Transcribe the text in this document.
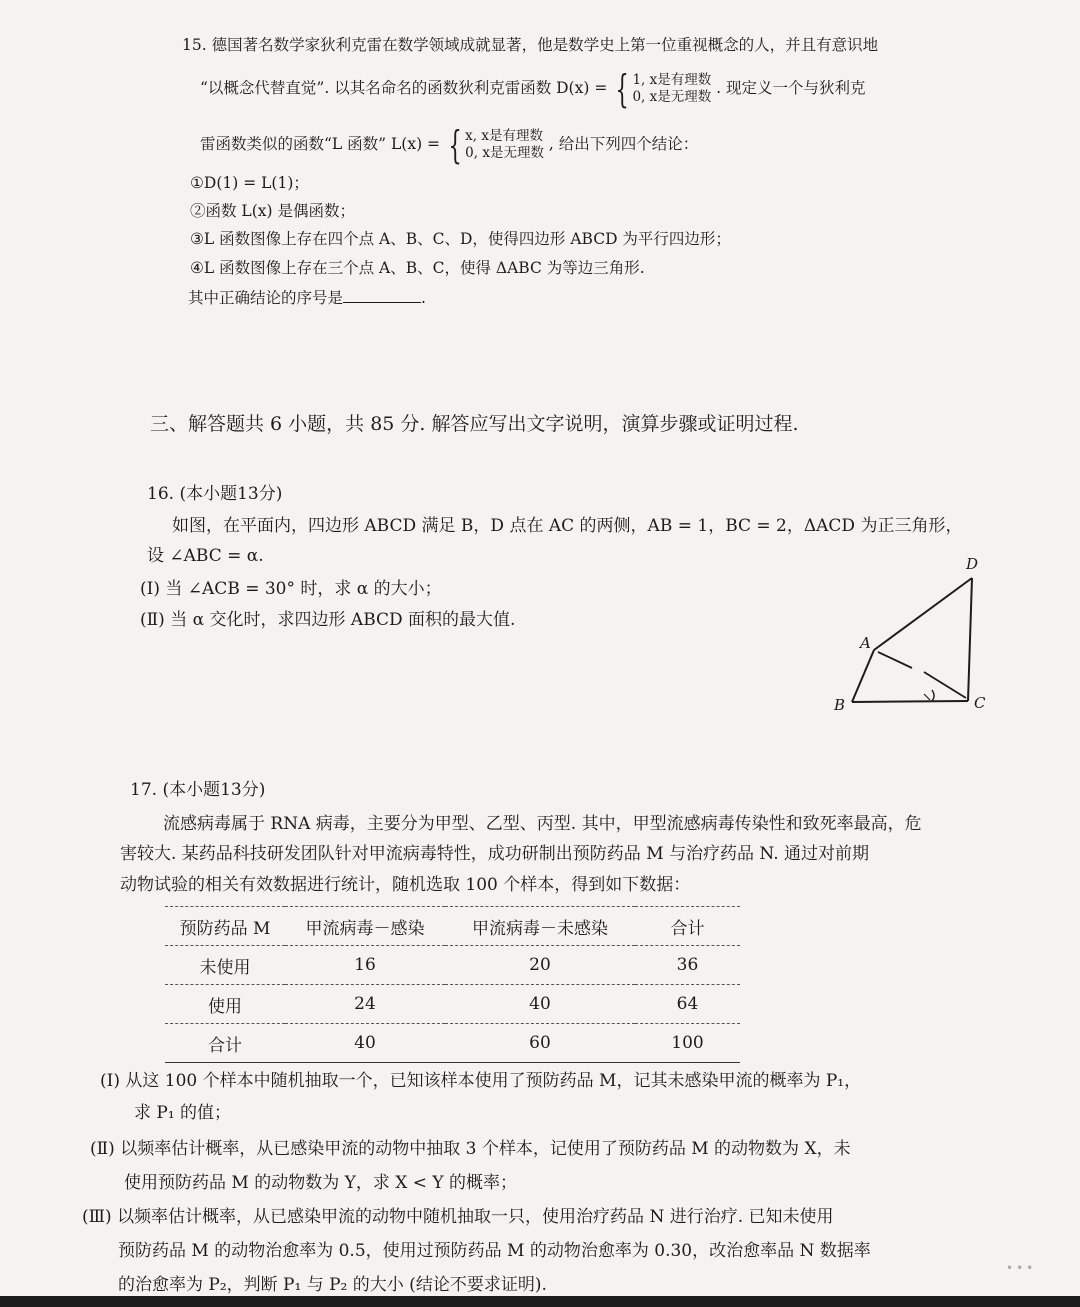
15. 德国著名数学家狄利克雷在数学领域成就显著，他是数学史上第一位重视概念的人，并且有意识地
“以概念代替直觉”. 以其名命名的函数狄利克雷函数 D(x) = { 1, x是有理数
0, x是无理数 . 现定义一个与狄利克
雷函数类似的函数“L 函数” L(x) = { x, x是有理数
0, x是无理数 , 给出下列四个结论：
①D(1) = L(1)；
②函数 L(x) 是偶函数；
③L 函数图像上存在四个点 A、B、C、D，使得四边形 ABCD 为平行四边形；
④L 函数图像上存在三个点 A、B、C，使得 ΔABC 为等边三角形.
其中正确结论的序号是	.
三、解答题共 6 小题，共 85 分. 解答应写出文字说明，演算步骤或证明过程.
16. (本小题13分)
如图，在平面内，四边形 ABCD 满足 B，D 点在 AC 的两侧，AB = 1，BC = 2，ΔACD 为正三角形，
设 ∠ABC = α.
(Ⅰ) 当 ∠ACB = 30° 时，求 α 的大小；
(Ⅱ) 当 α 交化时，求四边形 ABCD 面积的最大值.
D
A
B	C
17. (本小题13分)
流感病毒属于 RNA 病毒，主要分为甲型、乙型、丙型. 其中，甲型流感病毒传染性和致死率最高，危
害较大. 某药品科技研发团队针对甲流病毒特性，成功研制出预防药品 M 与治疗药品 N. 通过对前期
动物试验的相关有效数据进行统计，随机选取 100 个样本，得到如下数据：
预防药品 M	甲流病毒－感染	甲流病毒－未感染	合计
未使用	16	20	36
使用	24	40	64
合计	40	60	100
(Ⅰ) 从这 100 个样本中随机抽取一个，已知该样本使用了预防药品 M，记其未感染甲流的概率为 P₁，
求 P₁ 的值；
(Ⅱ) 以频率估计概率，从已感染甲流的动物中抽取 3 个样本，记使用了预防药品 M 的动物数为 X，未
使用预防药品 M 的动物数为 Y，求 X < Y 的概率；
(Ⅲ) 以频率估计概率，从已感染甲流的动物中随机抽取一只，使用治疗药品 N 进行治疗. 已知未使用
预防药品 M 的动物治愈率为 0.5，使用过预防药品 M 的动物治愈率为 0.30，改治愈率品 N 数据率
的治愈率为 P₂，判断 P₁ 与 P₂ 的大小 (结论不要求证明).
•••
